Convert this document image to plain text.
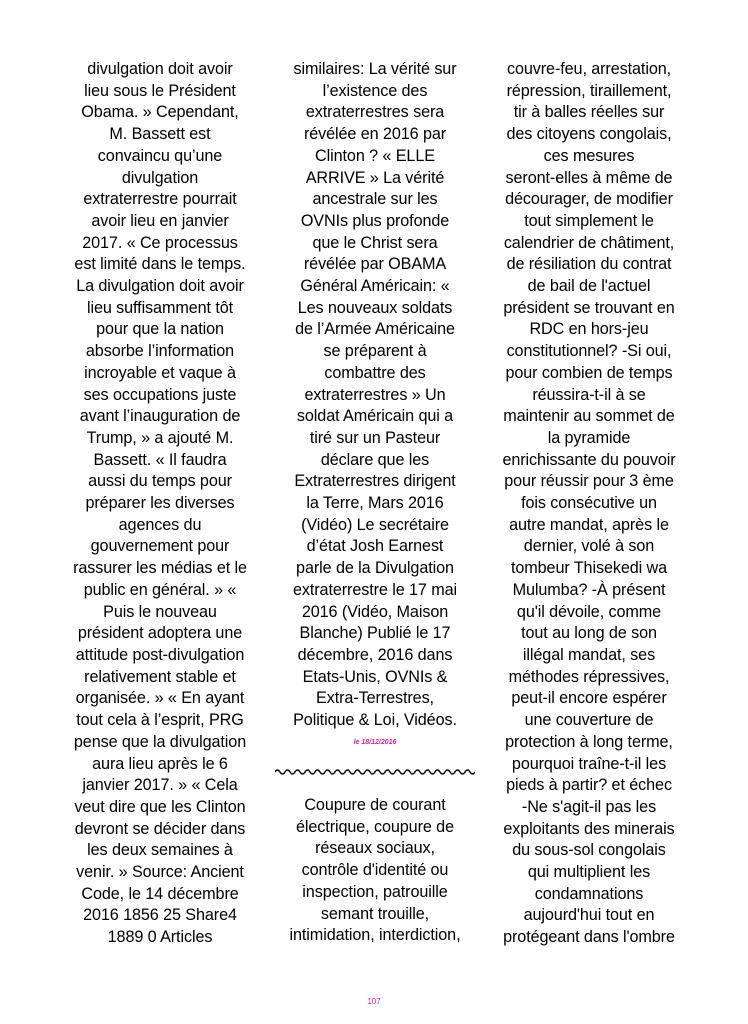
divulgation doit avoir
lieu sous le Président
Obama. » Cependant,
M. Bassett est
convaincu qu’une
divulgation
extraterrestre pourrait
avoir lieu en janvier
2017. « Ce processus
est limité dans le temps.
La divulgation doit avoir
lieu suffisamment tôt
pour que la nation
absorbe l’information
incroyable et vaque à
ses occupations juste
avant l’inauguration de
Trump, » a ajouté M.
Bassett. « Il faudra
aussi du temps pour
préparer les diverses
agences du
gouvernement pour
rassurer les médias et le
public en général. » «
Puis le nouveau
président adoptera une
attitude post-divulgation
relativement stable et
organisée. » « En ayant
tout cela à l’esprit, PRG
pense que la divulgation
aura lieu après le 6
janvier 2017. » « Cela
veut dire que les Clinton
devront se décider dans
les deux semaines à
venir. » Source: Ancient
Code, le 14 décembre
2016 1856 25 Share4
1889 0 Articles
similaires: La vérité sur
l’existence des
extraterrestres sera
révélée en 2016 par
Clinton ? « ELLE
ARRIVE » La vérité
ancestrale sur les
OVNIs plus profonde
que le Christ sera
révélée par OBAMA
Général Américain: «
Les nouveaux soldats
de l’Armée Américaine
se préparent à
combattre des
extraterrestres » Un
soldat Américain qui a
tiré sur un Pasteur
déclare que les
Extraterrestres dirigent
la Terre, Mars 2016
(Vidéo) Le secrétaire
d’état Josh Earnest
parle de la Divulgation
extraterrestre le 17 mai
2016 (Vidéo, Maison
Blanche) Publié le 17
décembre, 2016 dans
Etats-Unis, OVNIs &
Extra-Terrestres,
Politique & Loi, Vidéos.
le 18/12/2016
Coupure de courant
électrique, coupure de
réseaux sociaux,
contrôle d'identité ou
inspection, patrouille
semant trouille,
intimidation, interdiction,
couvre-feu, arrestation,
répression, tiraillement,
tir à balles réelles sur
des citoyens congolais,
ces mesures
seront-elles à même de
décourager, de modifier
tout simplement le
calendrier de châtiment,
de résiliation du contrat
de bail de l'actuel
président se trouvant en
RDC en hors-jeu
constitutionnel? -Si oui,
pour combien de temps
réussira-t-il à se
maintenir au sommet de
la pyramide
enrichissante du pouvoir
pour réussir pour 3 ème
fois consécutive un
autre mandat, après le
dernier, volé à son
tombeur Thisekedi wa
Mulumba? -À présent
qu'il dévoile, comme
tout au long de son
illégal mandat, ses
méthodes répressives,
peut-il encore espérer
une couverture de
protection à long terme,
pourquoi traîne-t-il les
pieds à partir? et échec
-Ne s'agit-il pas les
exploitants des minerais
du sous-sol congolais
qui multiplient les
condamnations
aujourd'hui tout en
protégeant dans l'ombre
107
